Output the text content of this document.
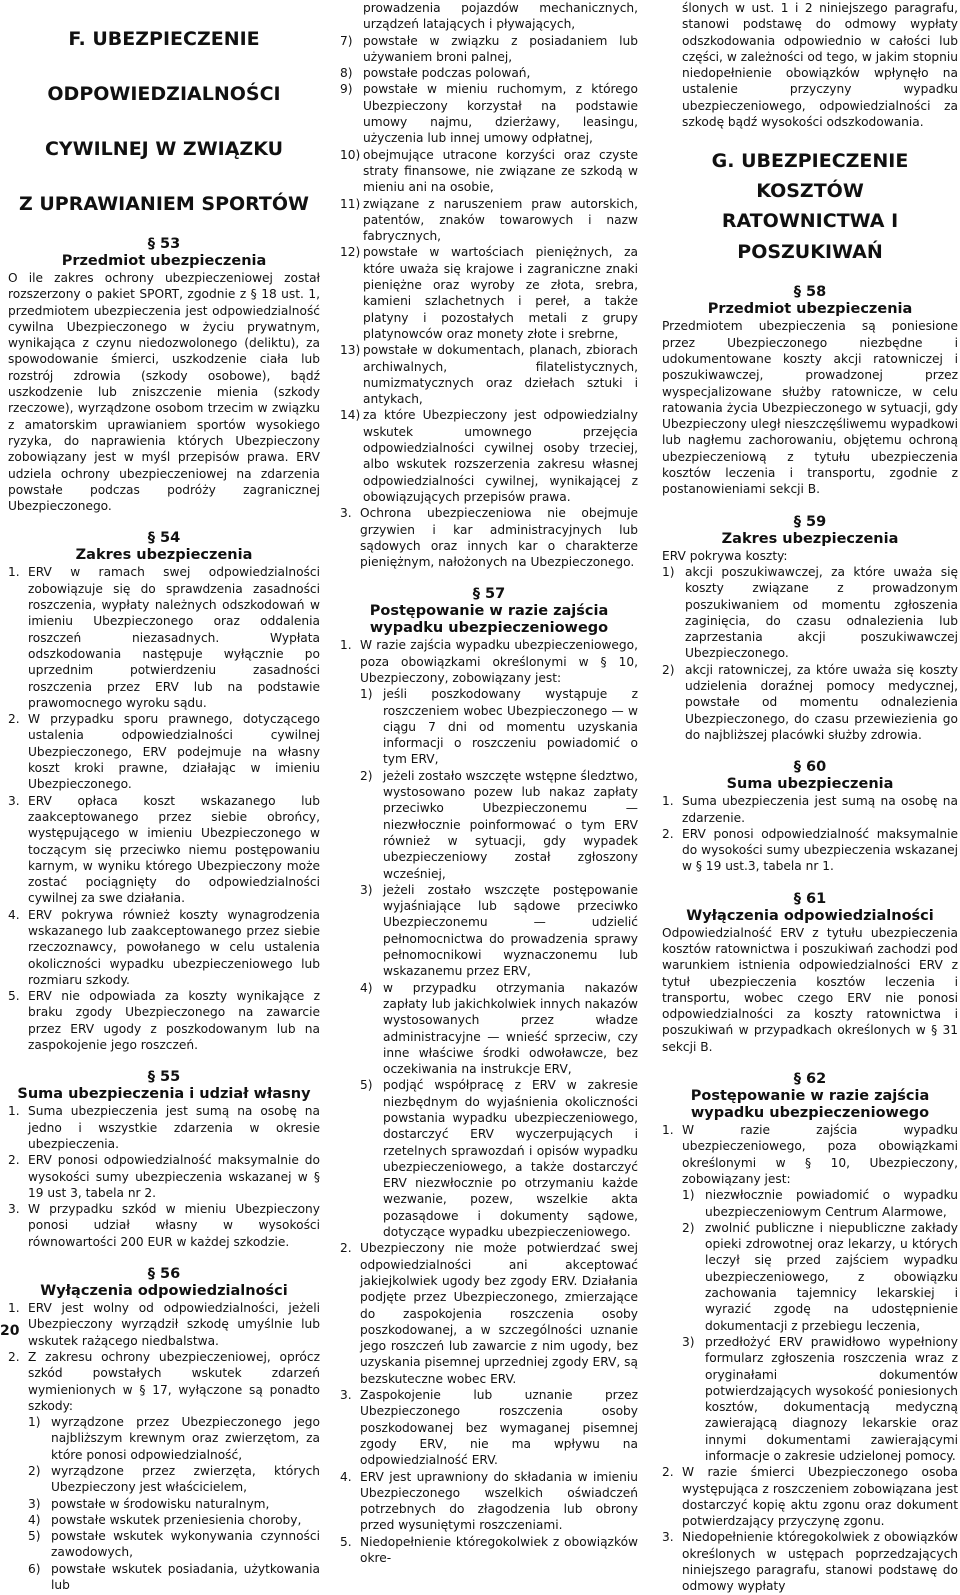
F. UBEZPIECZENIE
ODPOWIEDZIALNOŚCI
CYWILNEJ W ZWIĄZKU
Z UPRAWIANIEM SPORTÓW
§ 53
Przedmiot ubezpieczenia

O ile zakres ochrony ubezpieczeniowej został rozszerzony o pakiet SPORT, zgodnie z § 18 ust. 1, przedmiotem ubezpieczenia jest odpowiedzialność cywilna Ubezpieczonego w życiu prywatnym, wynikająca z czynu niedozwolonego (deliktu), za spowodowanie śmierci, uszkodzenie ciała lub rozstrój zdrowia (szkody osobowe), bądź uszkodzenie lub zniszczenie mienia (szkody rzeczowe), wyrządzone osobom trzecim w związku z amatorskim uprawianiem sportów wysokiego ryzyka, do naprawienia których Ubezpieczony zobowiązany jest w myśl przepisów prawa. ERV udziela ochrony ubezpieczeniowej na zdarzenia powstałe podczas podróży zagranicznej Ubezpieczonego.

§ 54
Zakres ubezpieczenia
1. ERV w ramach swej odpowiedzialności zobowiązuje się do sprawdzenia zasadności roszczenia, wypłaty należnych odszkodowań w imieniu Ubezpieczonego oraz oddalenia roszczeń niezasadnych. Wypłata odszkodowania następuje wyłącznie po uprzednim potwierdzeniu zasadności roszczenia przez ERV lub na podstawie prawomocnego wyroku sądu.
2. W przypadku sporu prawnego, dotyczącego ustalenia odpowiedzialności cywilnej Ubezpieczonego, ERV podejmuje na własny koszt kroki prawne, działając w imieniu Ubezpieczonego.
3. ERV opłaca koszt wskazanego lub zaakceptowanego przez siebie obrońcy, występującego w imieniu Ubezpieczonego w toczącym się przeciwko niemu postępowaniu karnym, w wyniku którego Ubezpieczony może zostać pociągnięty do odpowiedzialności cywilnej za swe działania.
4. ERV pokrywa również koszty wynagrodzenia wskazanego lub zaakceptowanego przez siebie rzeczoznawcy, powołanego w celu ustalenia okoliczności wypadku ubezpieczeniowego lub rozmiaru szkody.
5. ERV nie odpowiada za koszty wynikające z braku zgody Ubezpieczonego na zawarcie przez ERV ugody z poszkodowanym lub na zaspokojenie jego roszczeń.
§ 55
Suma ubezpieczenia i udział własny
1. Suma ubezpieczenia jest sumą na osobę na jedno i wszystkie zdarzenia w okresie ubezpieczenia.
2. ERV ponosi odpowiedzialność maksymalnie do wysokości sumy ubezpieczenia wskazanej w § 19 ust 3, tabela nr 2.
3. W przypadku szkód w mieniu Ubezpieczony ponosi udział własny w wysokości równowartości 200 EUR w każdej szkodzie.
§ 56
Wyłączenia odpowiedzialności
1. ERV jest wolny od odpowiedzialności, jeżeli Ubezpieczony wyrządził szkodę umyślnie lub wskutek rażącego niedbalstwa.
2. Z zakresu ochrony ubezpieczeniowej, oprócz szkód powstałych wskutek zdarzeń wymienionych w § 17, wyłączone są ponadto szkody:
1) wyrządzone przez Ubezpieczonego jego najbliższym krewnym oraz zwierzętom, za które ponosi odpowiedzialność,
2) wyrządzone przez zwierzęta, których Ubezpieczony jest właścicielem,
3) powstałe w środowisku naturalnym,
4) powstałe wskutek przeniesienia choroby,
5) powstałe wskutek wykonywania czynności zawodowych,
6) powstałe wskutek posiadania, użytkowania lub
prowadzenia pojazdów mechanicznych, urządzeń latających i pływających,
7) powstałe w związku z posiadaniem lub używaniem broni palnej,
8) powstałe podczas polowań,
9) powstałe w mieniu ruchomym, z którego Ubezpieczony korzystał na podstawie umowy najmu, dzierżawy, leasingu, użyczenia lub innej umowy odpłatnej,
10) obejmujące utracone korzyści oraz czyste straty finansowe, nie związane ze szkodą w mieniu ani na osobie,
11) związane z naruszeniem praw autorskich, patentów, znaków towarowych i nazw fabrycznych,
12) powstałe w wartościach pieniężnych, za które uważa się krajowe i zagraniczne znaki pieniężne oraz wyroby ze złota, srebra, kamieni szlachetnych i pereł, a także platyny i pozostałych metali z grupy platynowców oraz monety złote i srebrne,
13) powstałe w dokumentach, planach, zbiorach archiwalnych, filatelistycznych, numizmatycznych oraz dziełach sztuki i antykach,
14) za które Ubezpieczony jest odpowiedzialny wskutek umownego przejęcia odpowiedzialności cywilnej osoby trzeciej, albo wskutek rozszerzenia zakresu własnej odpowiedzialności cywilnej, wynikającej z obowiązujących przepisów prawa.
3. Ochrona ubezpieczeniowa nie obejmuje grzywien i kar administracyjnych lub sądowych oraz innych kar o charakterze pieniężnym, nałożonych na Ubezpieczonego.
§ 57
Postępowanie w razie zajścia wypadku ubezpieczeniowego
1. W razie zajścia wypadku ubezpieczeniowego, poza obowiązkami określonymi w § 10, Ubezpieczony, zobowiązany jest:
1) jeśli poszkodowany wystąpuje z roszczeniem wobec Ubezpieczonego — w ciągu 7 dni od momentu uzyskania informacji o roszczeniu powiadomić o tym ERV,
2) jeżeli zostało wszczęte wstępne śledztwo, wystosowano pozew lub nakaz zapłaty przeciwko Ubezpieczonemu — niezwłocznie poinformować o tym ERV również w sytuacji, gdy wypadek ubezpieczeniowy został zgłoszony wcześniej,
3) jeżeli zostało wszczęte postępowanie wyjaśniające lub sądowe przeciwko Ubezpieczonemu — udzielić pełnomocnictwa do prowadzenia sprawy pełnomocnikowi wyznaczonemu lub wskazanemu przez ERV,
4) w przypadku otrzymania nakazów zapłaty lub jakichkolwiek innych nakazów wystosowanych przez władze administracyjne — wnieść sprzeciw, czy inne właściwe środki odwoławcze, bez oczekiwania na instrukcje ERV,
5) podjąć współpracę z ERV w zakresie niezbędnym do wyjaśnienia okoliczności powstania wypadku ubezpieczeniowego, dostarczyć ERV wyczerpujących i rzetelnych sprawozdań i opisów wypadku ubezpieczeniowego, a także dostarczyć ERV niezwłocznie po otrzymaniu każde wezwanie, pozew, wszelkie akta pozasądowe i dokumenty sądowe, dotyczące wypadku ubezpieczeniowego.
2. Ubezpieczony nie może potwierdzać swej odpowiedzialności ani akceptować jakiejkolwiek ugody bez zgody ERV. Działania podjęte przez Ubezpieczonego, zmierzające do zaspokojenia roszczenia osoby poszkodowanej, a w szczególności uznanie jego roszczeń lub zawarcie z nim ugody, bez uzyskania pisemnej uprzedniej zgody ERV, są bezskuteczne wobec ERV.
3. Zaspokojenie lub uznanie przez Ubezpieczonego roszczenia osoby poszkodowanej bez wymaganej pisemnej zgody ERV, nie ma wpływu na odpowiedzialność ERV.
4. ERV jest uprawniony do składania w imieniu Ubezpieczonego wszelkich oświadczeń potrzebnych do złagodzenia lub obrony przed wysuniętymi roszczeniami.
5. Niedopełnienie któregokolwiek z obowiązków okre-
ślonych w ust. 1 i 2 niniejszego paragrafu, stanowi podstawę do odmowy wypłaty odszkodowania odpowiednio w całości lub części, w zależności od tego, w jakim stopniu niedopełnienie obowiązków wpłynęło na ustalenie przyczyny wypadku ubezpieczeniowego, odpowiedzialności za szkodę bądź wysokości odszkodowania.
G. UBEZPIECZENIE KOSZTÓW
RATOWNICTWA I POSZUKIWAŃ
§ 58
Przedmiot ubezpieczenia

Przedmiotem ubezpieczenia są poniesione przez Ubezpieczonego niezbędne i udokumentowane koszty akcji ratowniczej i poszukiwawczej, prowadzonej przez wyspecjalizowane służby ratownicze, w celu ratowania życia Ubezpieczonego w sytuacji, gdy Ubezpieczony uległ nieszczęśliwemu wypadkowi lub nagłemu zachorowaniu, objętemu ochroną ubezpieczeniową z tytułu ubezpieczenia kosztów leczenia i transportu, zgodnie z postanowieniami sekcji B.

§ 59
Zakres ubezpieczenia

ERV pokrywa koszty:

1) akcji poszukiwawczej, za które uważa się koszty związane z prowadzonym poszukiwaniem od momentu zgłoszenia zaginięcia, do czasu odnalezienia lub zaprzestania akcji poszukiwawczej Ubezpieczonego.
2) akcji ratowniczej, za które uważa się koszty udzielenia doraźnej pomocy medycznej, powstałe od momentu odnalezienia Ubezpieczonego, do czasu przewiezienia go do najbliższej placówki służby zdrowia.
§ 60
Suma ubezpieczenia
1. Suma ubezpieczenia jest sumą na osobę na zdarzenie.
2. ERV ponosi odpowiedzialność maksymalnie do wysokości sumy ubezpieczenia wskazanej w § 19 ust.3, tabela nr 1.
§ 61
Wyłączenia odpowiedzialności

Odpowiedzialność ERV z tytułu ubezpieczenia kosztów ratownictwa i poszukiwań zachodzi pod warunkiem istnienia odpowiedzialności ERV z tytuł ubezpieczenia kosztów leczenia i transportu, wobec czego ERV nie ponosi odpowiedzialności za koszty ratownictwa i poszukiwań w przypadkach określonych w § 31 sekcji B.

§ 62
Postępowanie w razie zajścia wypadku ubezpieczeniowego
1. W razie zajścia wypadku ubezpieczeniowego, poza obowiązkami określonymi w § 10, Ubezpieczony, zobowiązany jest:
1) niezwłocznie powiadomić o wypadku ubezpieczeniowym Centrum Alarmowe,
2) zwolnić publiczne i niepubliczne zakłady opieki zdrowotnej oraz lekarzy, u których leczył się przed zajściem wypadku ubezpieczeniowego, z obowiązku zachowania tajemnicy lekarskiej i wyrazić zgodę na udostępnienie dokumentacji z przebiegu leczenia,
3) przedłożyć ERV prawidłowo wypełniony formularz zgłoszenia roszczenia wraz z oryginałami dokumentów potwierdzających wysokość poniesionych kosztów, dokumentacją medyczną zawierającą diagnozy lekarskie oraz innymi dokumentami zawierającymi informacje o zakresie udzielonej pomocy.
2. W razie śmierci Ubezpieczonego osoba występująca z roszczeniem zobowiązana jest dostarczyć kopię aktu zgonu oraz dokument potwierdzający przyczynę zgonu.
3. Niedopełnienie któregokolwiek z obowiązków określonych w ustępach poprzedzających niniejszego paragrafu, stanowi podstawę do odmowy wypłaty
20
